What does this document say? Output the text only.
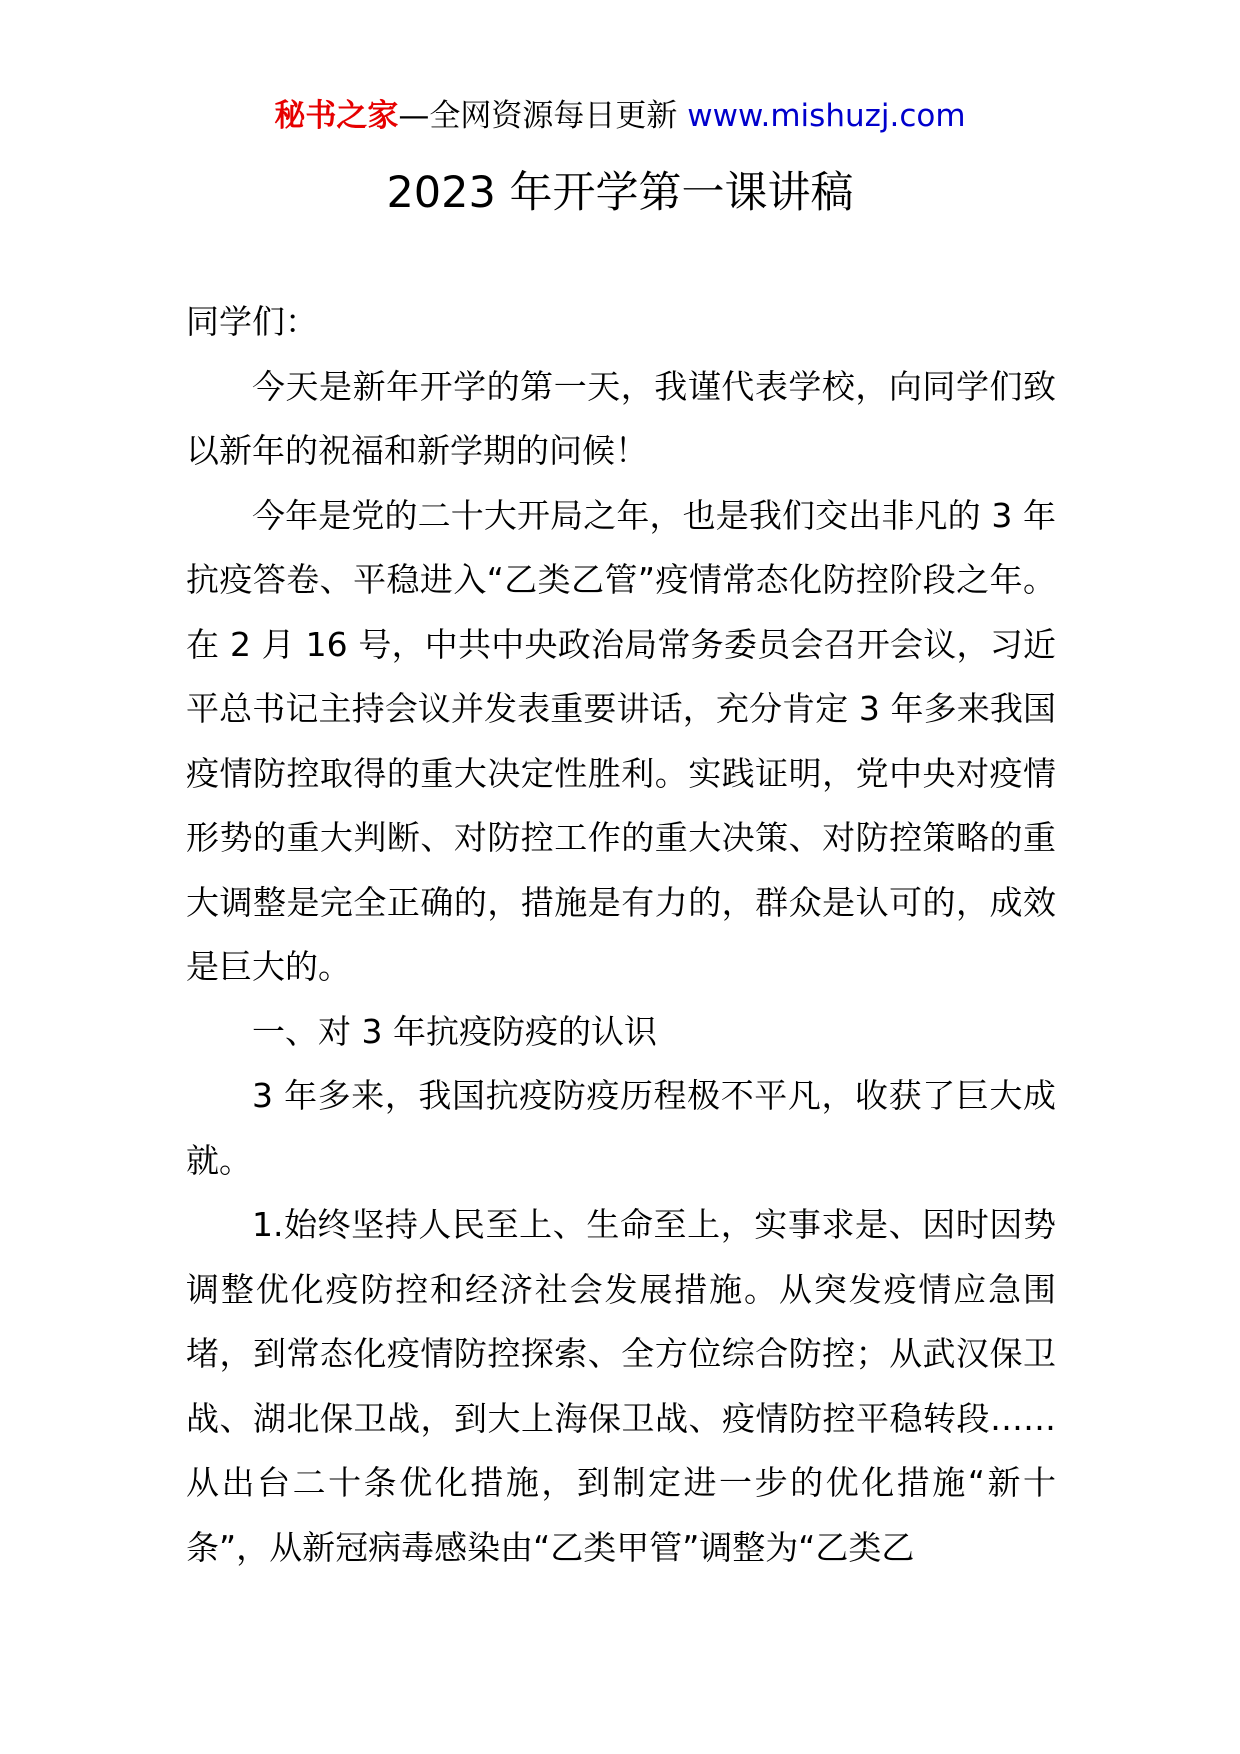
秘书之家—全网资源每日更新 www.mishuzj.com
2023 年开学第一课讲稿

同学们：

今天是新年开学的第一天，我谨代表学校，向同学们致以新年的祝福和新学期的问候！

今年是党的二十大开局之年，也是我们交出非凡的 3 年抗疫答卷、平稳进入“乙类乙管”疫情常态化防控阶段之年。在 2 月 16 号，中共中央政治局常务委员会召开会议，习近平总书记主持会议并发表重要讲话，充分肯定 3 年多来我国疫情防控取得的重大决定性胜利。实践证明，党中央对疫情形势的重大判断、对防控工作的重大决策、对防控策略的重大调整是完全正确的，措施是有力的，群众是认可的，成效是巨大的。

一、对 3 年抗疫防疫的认识

3 年多来，我国抗疫防疫历程极不平凡，收获了巨大成就。

1.始终坚持人民至上、生命至上，实事求是、因时因势调整优化疫防控和经济社会发展措施。从突发疫情应急围堵，到常态化疫情防控探索、全方位综合防控；从武汉保卫战、湖北保卫战，到大上海保卫战、疫情防控平稳转段……从出台二十条优化措施，到制定进一步的优化措施“新十条”，从新冠病毒感染由“乙类甲管”调整为“乙类乙
